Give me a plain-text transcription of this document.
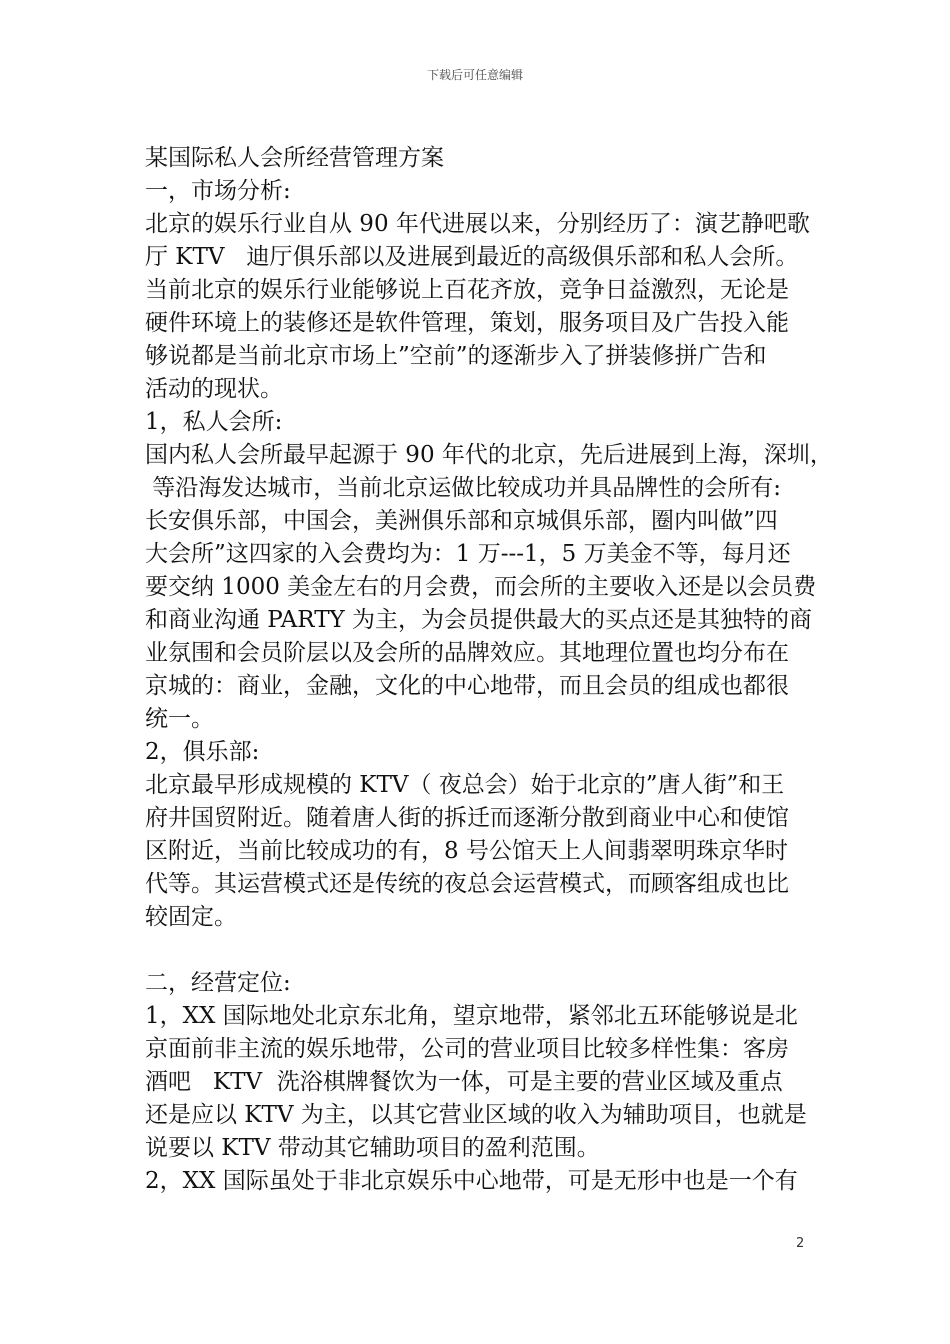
下载后可任意编辑
某国际私人会所经营管理方案
一，市场分析:
北京的娱乐行业自从 90 年代进展以来，分别经历了：演艺静吧歌
厅 KTV   迪厅俱乐部以及进展到最近的高级俱乐部和私人会所。
当前北京的娱乐行业能够说上百花齐放，竞争日益激烈，无论是
硬件环境上的装修还是软件管理，策划，服务项目及广告投入能
够说都是当前北京市场上”空前”的逐渐步入了拼装修拼广告和
活动的现状。
1，私人会所:
国内私人会所最早起源于 90 年代的北京，先后进展到上海，深圳，
等沿海发达城市，当前北京运做比较成功并具品牌性的会所有:
长安俱乐部，中国会，美洲俱乐部和京城俱乐部，圈内叫做”四
大会所”这四家的入会费均为：1 万---1，5 万美金不等，每月还
要交纳 1000 美金左右的月会费，而会所的主要收入还是以会员费
和商业沟通 PARTY 为主，为会员提供最大的买点还是其独特的商
业氛围和会员阶层以及会所的品牌效应。其地理位置也均分布在
京城的：商业，金融，文化的中心地带，而且会员的组成也都很
统一。
2，俱乐部:
北京最早形成规模的 KTV（ 夜总会）始于北京的”唐人街”和王
府井国贸附近。随着唐人街的拆迁而逐渐分散到商业中心和使馆
区附近，当前比较成功的有，8 号公馆天上人间翡翠明珠京华时
代等。其运营模式还是传统的夜总会运营模式，而顾客组成也比
较固定。
二，经营定位:
1，XX 国际地处北京东北角，望京地带，紧邻北五环能够说是北
京面前非主流的娱乐地带，公司的营业项目比较多样性集：客房
酒吧   KTV  洗浴棋牌餐饮为一体，可是主要的营业区域及重点
还是应以 KTV 为主，以其它营业区域的收入为辅助项目，也就是
说要以 KTV 带动其它辅助项目的盈利范围。
2，XX 国际虽处于非北京娱乐中心地带，可是无形中也是一个有
2
